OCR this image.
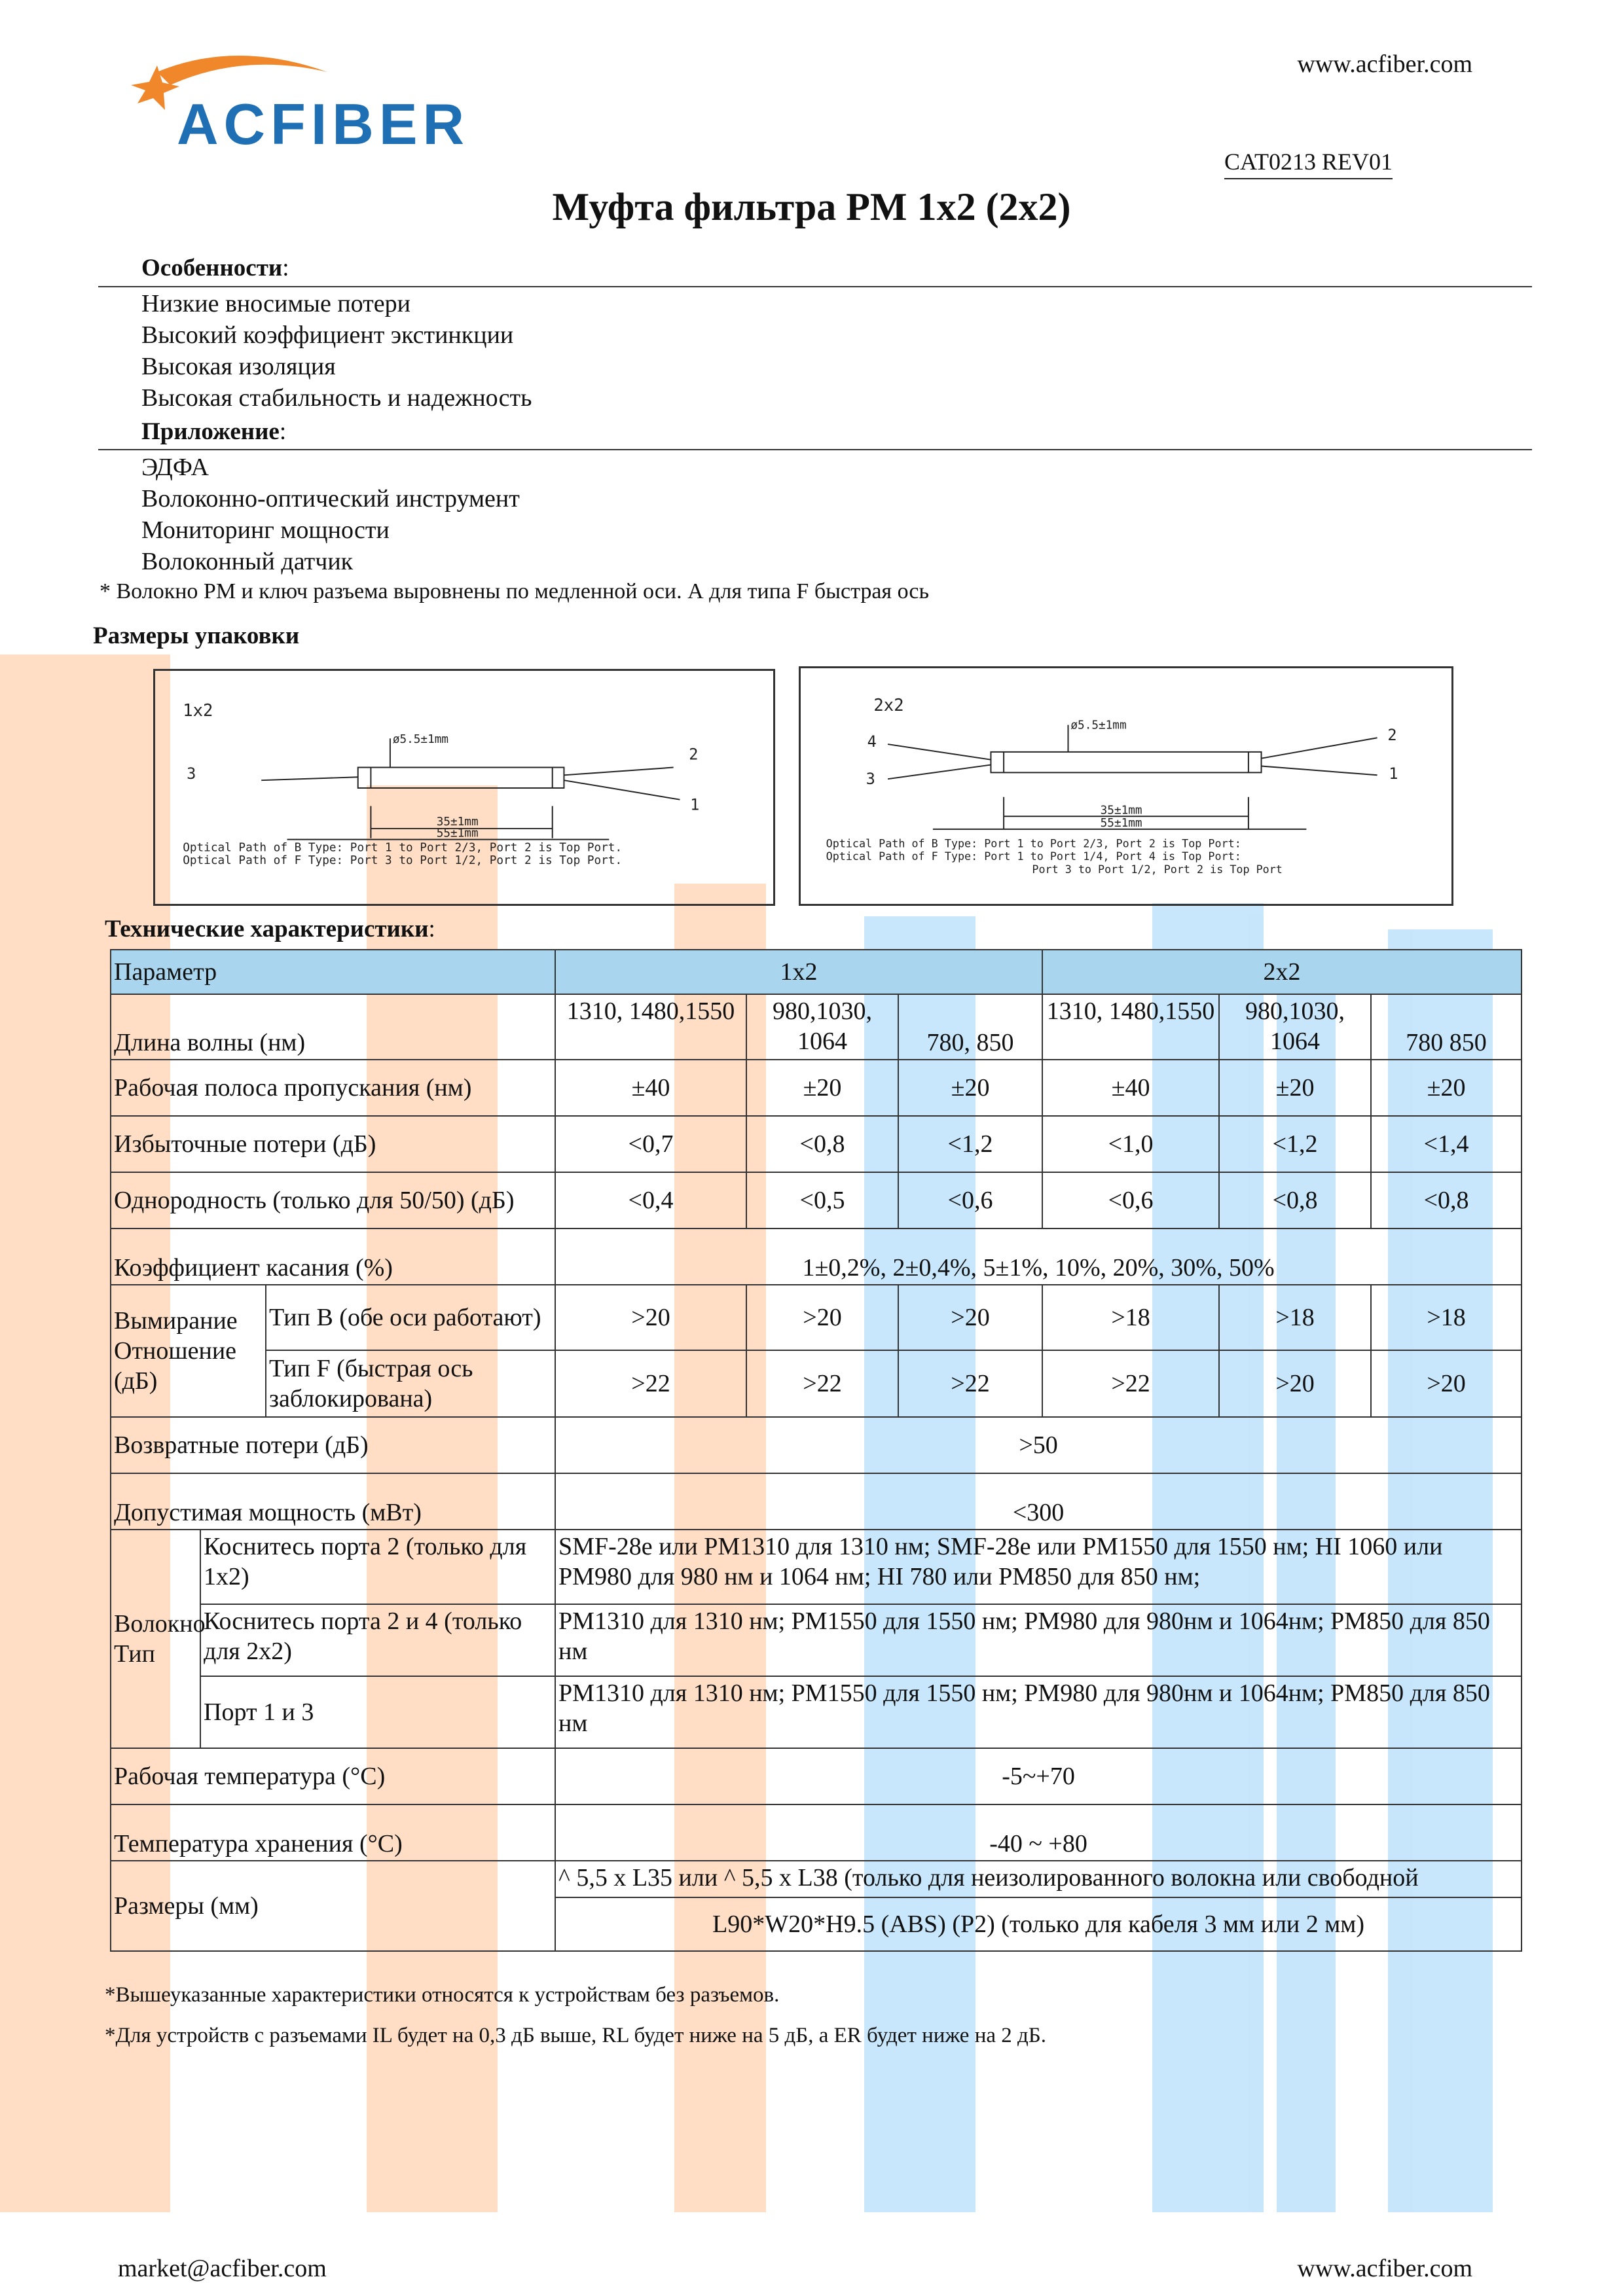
ACFIBER
www.acfiber.com
CAT0213 REV01
Муфта фильтра PM 1x2 (2x2)
Особенности:
Низкие вносимые потери
Высокий коэффициент экстинкции
Высокая изоляция
Высокая стабильность и надежность
Приложение:
ЭДФА
Волоконно-оптический инструмент
Мониторинг мощности
Волоконный датчик
* Волокно PM и ключ разъема выровнены по медленной оси. А для типа F быстрая ось
Размеры упаковки
1x2
3
2
1
ø5.5±1mm
35±1mm
55±1mm
Optical Path of B Type: Port 1 to Port 2/3, Port 2 is Top Port.
Optical Path of F Type: Port 3 to Port 1/2, Port 2 is Top Port.
2x2
4
3
2
1
ø5.5±1mm
35±1mm
55±1mm
Optical Path of B Type: Port 1 to Port 2/3, Port 2 is Top Port:
Optical Path of F Type: Port 1 to Port 1/4, Port 4 is Top Port:
Port 3 to Port 1/2, Port 2 is Top Port
Технические характеристики:
Параметр			1x2			2x2		
Длина волны (нм)			1310, 1480,1550	980,1030, 1064	780, 850	1310, 1480,1550	980,1030, 1064	780 850
Рабочая полоса пропускания (нм)			±40	±20	±20	±40	±20	±20
Избыточные потери (дБ)			<0,7	<0,8	<1,2	<1,0	<1,2	<1,4
Однородность (только для 50/50) (дБ)			<0,4	<0,5	<0,6	<0,6	<0,8	<0,8
Коэффициент касания (%)			1±0,2%, 2±0,4%, 5±1%, 10%, 20%, 30%, 50%					
Вымирание Отношение (дБ)		Тип B (обе оси работают)	>20	>20	>20	>18	>18	>18
		Тип F (быстрая ось заблокирована)	>22	>22	>22	>22	>20	>20
Возвратные потери (дБ)			>50					
Допустимая мощность (мВт)			<300					
Волокно Тип	Коснитесь порта 2 (только для 1x2)		SMF-28e или PM1310 для 1310 нм; SMF-28e или PM1550 для 1550 нм; HI 1060 или PM980 для 980 нм и 1064 нм; HI 780 или PM850 для 850 нм;					
	Коснитесь порта 2 и 4 (только для 2x2)		PM1310 для 1310 нм; PM1550 для 1550 нм; PM980 для 980нм и 1064нм; PM850 для 850 нм					
	Порт 1 и 3		PM1310 для 1310 нм; PM1550 для 1550 нм; PM980 для 980нм и 1064нм; PM850 для 850 нм					
Рабочая температура (°C)			-5~+70					
Температура хранения (°C)			-40 ~ +80					
Размеры (мм)			^ 5,5 x L35 или ^ 5,5 x L38 (только для неизолированного волокна или свободной					
			L90*W20*H9.5 (ABS) (P2) (только для кабеля 3 мм или 2 мм)					
*Вышеуказанные характеристики относятся к устройствам без разъемов.
*Для устройств с разъемами IL будет на 0,3 дБ выше, RL будет ниже на 5 дБ, а ER будет ниже на 2 дБ.
market@acfiber.com	www.acfiber.com
